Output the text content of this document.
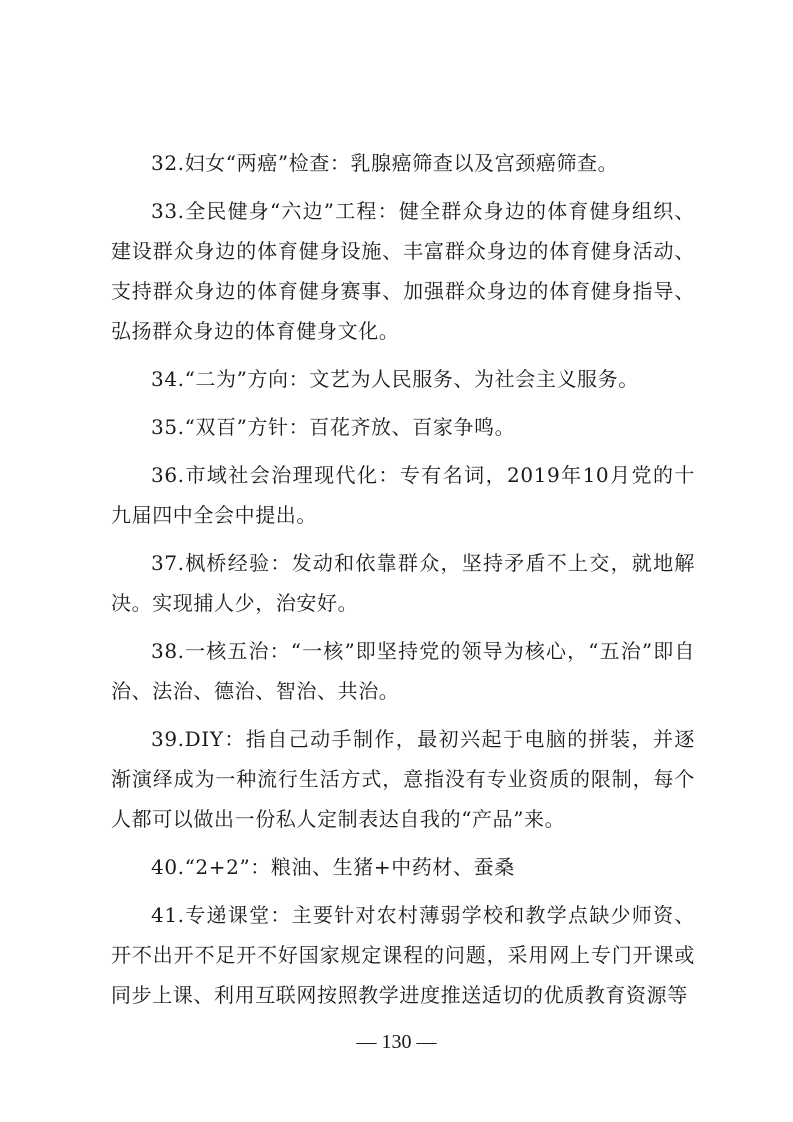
32.妇女“两癌”检查：乳腺癌筛查以及宫颈癌筛查。

33.全民健身“六边”工程：健全群众身边的体育健身组织、建设群众身边的体育健身设施、丰富群众身边的体育健身活动、支持群众身边的体育健身赛事、加强群众身边的体育健身指导、弘扬群众身边的体育健身文化。

34.“二为”方向：文艺为人民服务、为社会主义服务。

35.“双百”方针：百花齐放、百家争鸣。

36.市域社会治理现代化：专有名词，2019年10月党的十九届四中全会中提出。

37.枫桥经验：发动和依靠群众，坚持矛盾不上交，就地解决。实现捕人少，治安好。

38.一核五治：“一核”即坚持党的领导为核心，“五治”即自治、法治、德治、智治、共治。

39.DIY：指自己动手制作，最初兴起于电脑的拼装，并逐渐演绎成为一种流行生活方式，意指没有专业资质的限制，每个人都可以做出一份私人定制表达自我的“产品”来。

40.“2+2”：粮油、生猪+中药材、蚕桑

41.专递课堂：主要针对农村薄弱学校和教学点缺少师资、开不出开不足开不好国家规定课程的问题，采用网上专门开课或同步上课、利用互联网按照教学进度推送适切的优质教育资源等

— 130 —
